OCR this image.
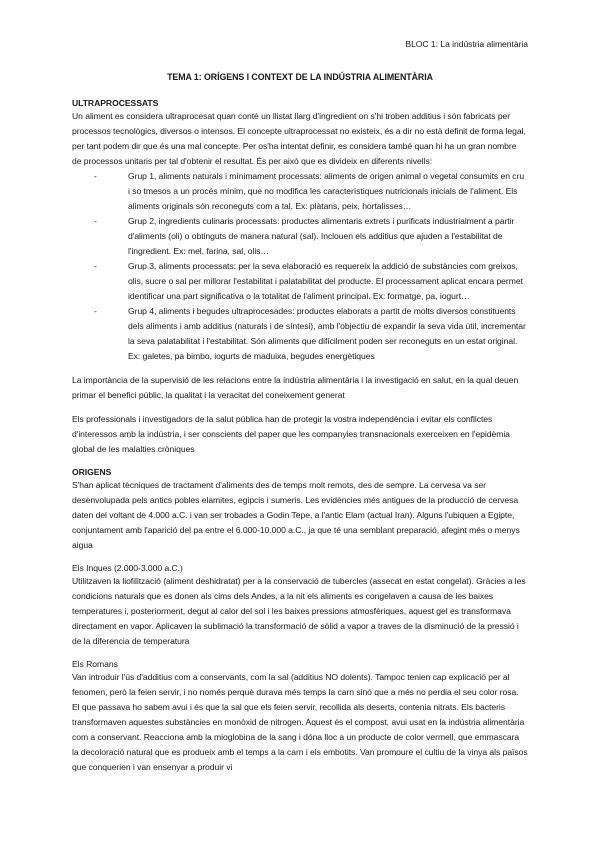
BLOC 1: La indústria alimentària
TEMA 1: ORÍGENS I CONTEXT DE LA INDÚSTRIA ALIMENTÀRIA
ULTRAPROCESSATS

Un aliment es considera ultraprocesat quan conté un llistat llarg d'ingredient on s'hi troben additius i són fabricats per processos tecnològics, diversos o intensos. El concepte ultraprocessat no existeix, és a dir no està definit de forma legal, per tant podem dir que és una mal concepte. Per os'ha intentat definir, es considera també quan hi ha un gran nombre de processos unitaris per tal d'obtenir el resultat. És per això que es divideix en diferents nivells:

-	Grup 1, aliments naturals i mínimament processats: aliments de origen animal o vegetal consumits en cru i so tmesos a un procés mínim, que no modifica les característiques nutricionals inicials de l'aliment. Els aliments originals són reconeguts com a tal. Ex: plàtans, peix, hortalisses…
-	Grup 2, ingredients culinaris processats: productes alimentaris extrets i purificats industrialment a partir d'aliments (oli) o obtinguts de manera natural (sal). Inclouen els additius que ajuden a l'estabilitat de l'ingredient. Ex: mel, farina, sal, olis…
-	Grup 3, aliments processats: per la seva elaboració es requereix la addició de substàncies com greixos, olis, sucre o sal per millorar l'estabilitat i palatabilitat del producte. El processament aplicat encara permet identificar una part significativa o la totalitat de l'aliment principal. Ex: formatge, pa, iogurt…
-	Grup 4, aliments i begudes ultraprocesades: productes elaborats a partit de molts diversos constituents dels aliments i amb additius (naturals i de síntesi), amb l'objectiu de expandir la seva vida útil, incrementar la seva palatabilitat i l'estabilitat. Són aliments que difícilment poden ser reconeguts en un estat original. Ex: galetes, pa bimbo, iogurts de maduixa, begudes energètiques

La importància de la supervisió de les relacions entre la indústria alimentària i la investigació en salut, en la qual deuen primar el benefici públic, la qualitat i la veracitat del coneixement generat

Els professionals i investigadors de la salut pública han de protegir la vostra independència i evitar els conflictes d'interessos amb la indústria, i ser conscients del paper que les companyies transnacionals exerceixen en l'epidèmia global de les malalties cròniques

ORIGENS

S'han aplicat tècniques de tractament d'aliments des de temps molt remots, des de sempre. La cervesa va ser desenvolupada pels antics pobles elamites, egipcis i sumeris. Les evidències més antigues de la producció de cervesa daten del voltant de 4.000 a.C. i van ser trobades a Godin Tepe, a l'antic Elam (actual Iran). Alguns l'ubiquen a Egipte, conjuntament amb l'aparició del pa entre el 6.000-10.000 a.C., ja que té una semblant preparació, afegint més o menys aigua

Els Inques (2.000-3.000 a.C.)

Utilitzaven la liofilització (aliment deshidratat) per a la conservació de tubercles (assecat en estat congelat). Gràcies a les condicions naturals que es donen als cims dels Andes, a la nit els aliments es congelaven a causa de les baixes temperatures i, posteriorment, degut al calor del sol i les baixes pressions atmosfèriques, aquest gel es transformava directament en vapor. Aplicaven la sublimació la transformació de sòlid a vapor a traves de la disminució de la pressió i de la diferencia de temperatura

Els Romans

Van introduir l'ús d'additius com a conservants, com la sal (additius NO dolents). Tampoc tenien cap explicació per al fenomen, però la feien servir, i no només perquè durava més temps la carn sinó que a més no perdia el seu color rosa. El que passava ho sabem avui i és que la sal que els feien servir, recollida als deserts, contenia nitrats. Els bacteris transformaven aquestes substàncies en monòxid de nitrogen. Aquest és el compost, avui usat en la indústria alimentària com a conservant. Reacciona amb la mioglobina de la sang i dóna lloc a un producte de color vermell, que emmascara la decoloració natural que es produeix amb el temps a la carn i els embotits. Van promoure el cultiu de la vinya als països que conquerien i van ensenyar a produir vi
